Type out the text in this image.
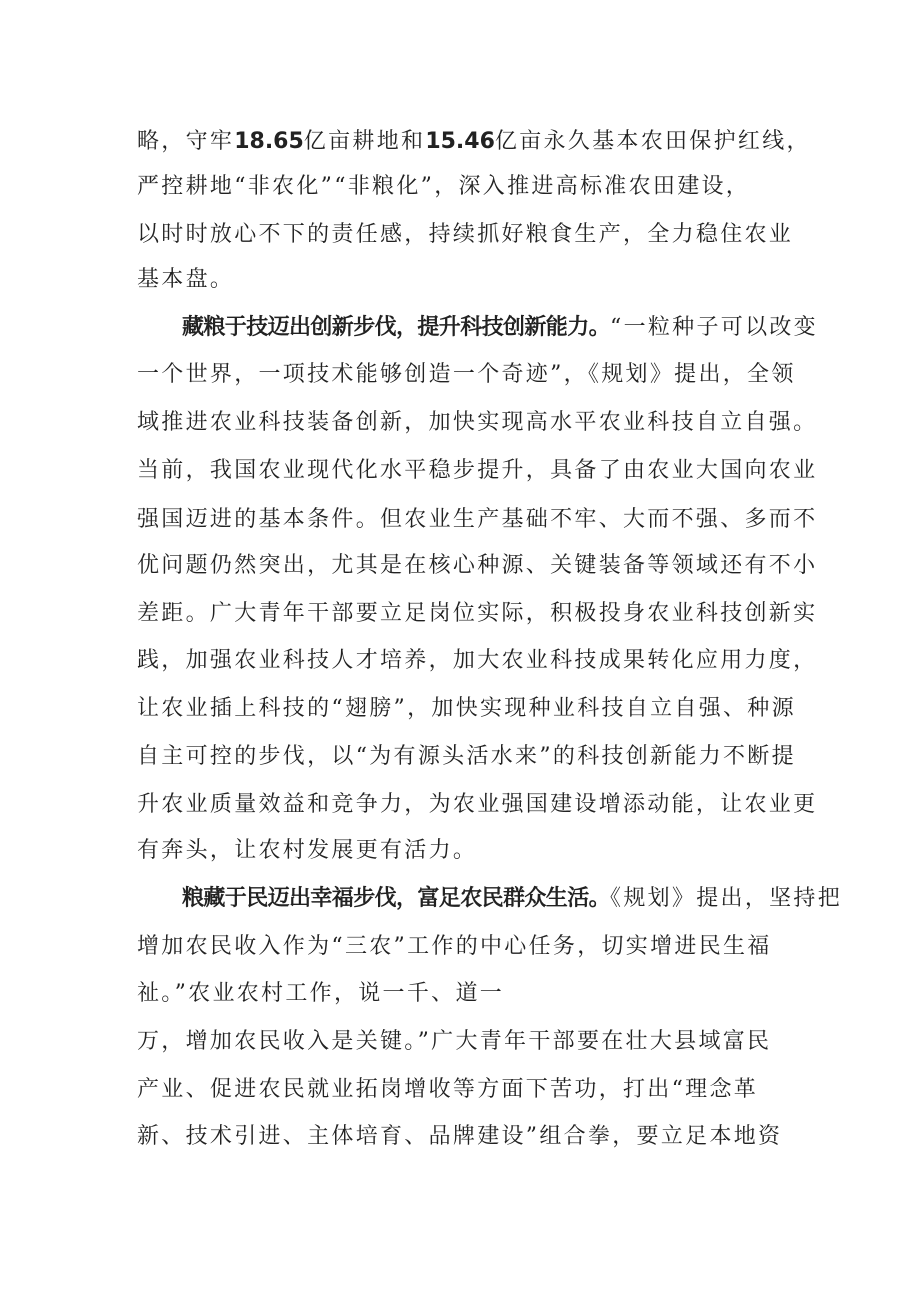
略，守牢18.65亿亩耕地和15.46亿亩永久基本农田保护红线，
严控耕地“非农化”“非粮化”，深入推进高标准农田建设，
以时时放心不下的责任感，持续抓好粮食生产，全力稳住农业
基本盘。
藏粮于技迈出创新步伐，提升科技创新能力。“一粒种子可以改变
一个世界，一项技术能够创造一个奇迹”，《规划》提出，全领
域推进农业科技装备创新，加快实现高水平农业科技自立自强。
当前，我国农业现代化水平稳步提升，具备了由农业大国向农业
强国迈进的基本条件。但农业生产基础不牢、大而不强、多而不
优问题仍然突出，尤其是在核心种源、关键装备等领域还有不小
差距。广大青年干部要立足岗位实际，积极投身农业科技创新实
践，加强农业科技人才培养，加大农业科技成果转化应用力度，
让农业插上科技的“翅膀”，加快实现种业科技自立自强、种源
自主可控的步伐，以“为有源头活水来”的科技创新能力不断提
升农业质量效益和竞争力，为农业强国建设增添动能，让农业更
有奔头，让农村发展更有活力。
粮藏于民迈出幸福步伐，富足农民群众生活。《规划》提出，坚持把
增加农民收入作为“三农”工作的中心任务，切实增进民生福
祉。”农业农村工作，说一千、道一
万，增加农民收入是关键。”广大青年干部要在壮大县域富民
产业、促进农民就业拓岗增收等方面下苦功，打出“理念革
新、技术引进、主体培育、品牌建设”组合拳，要立足本地资
